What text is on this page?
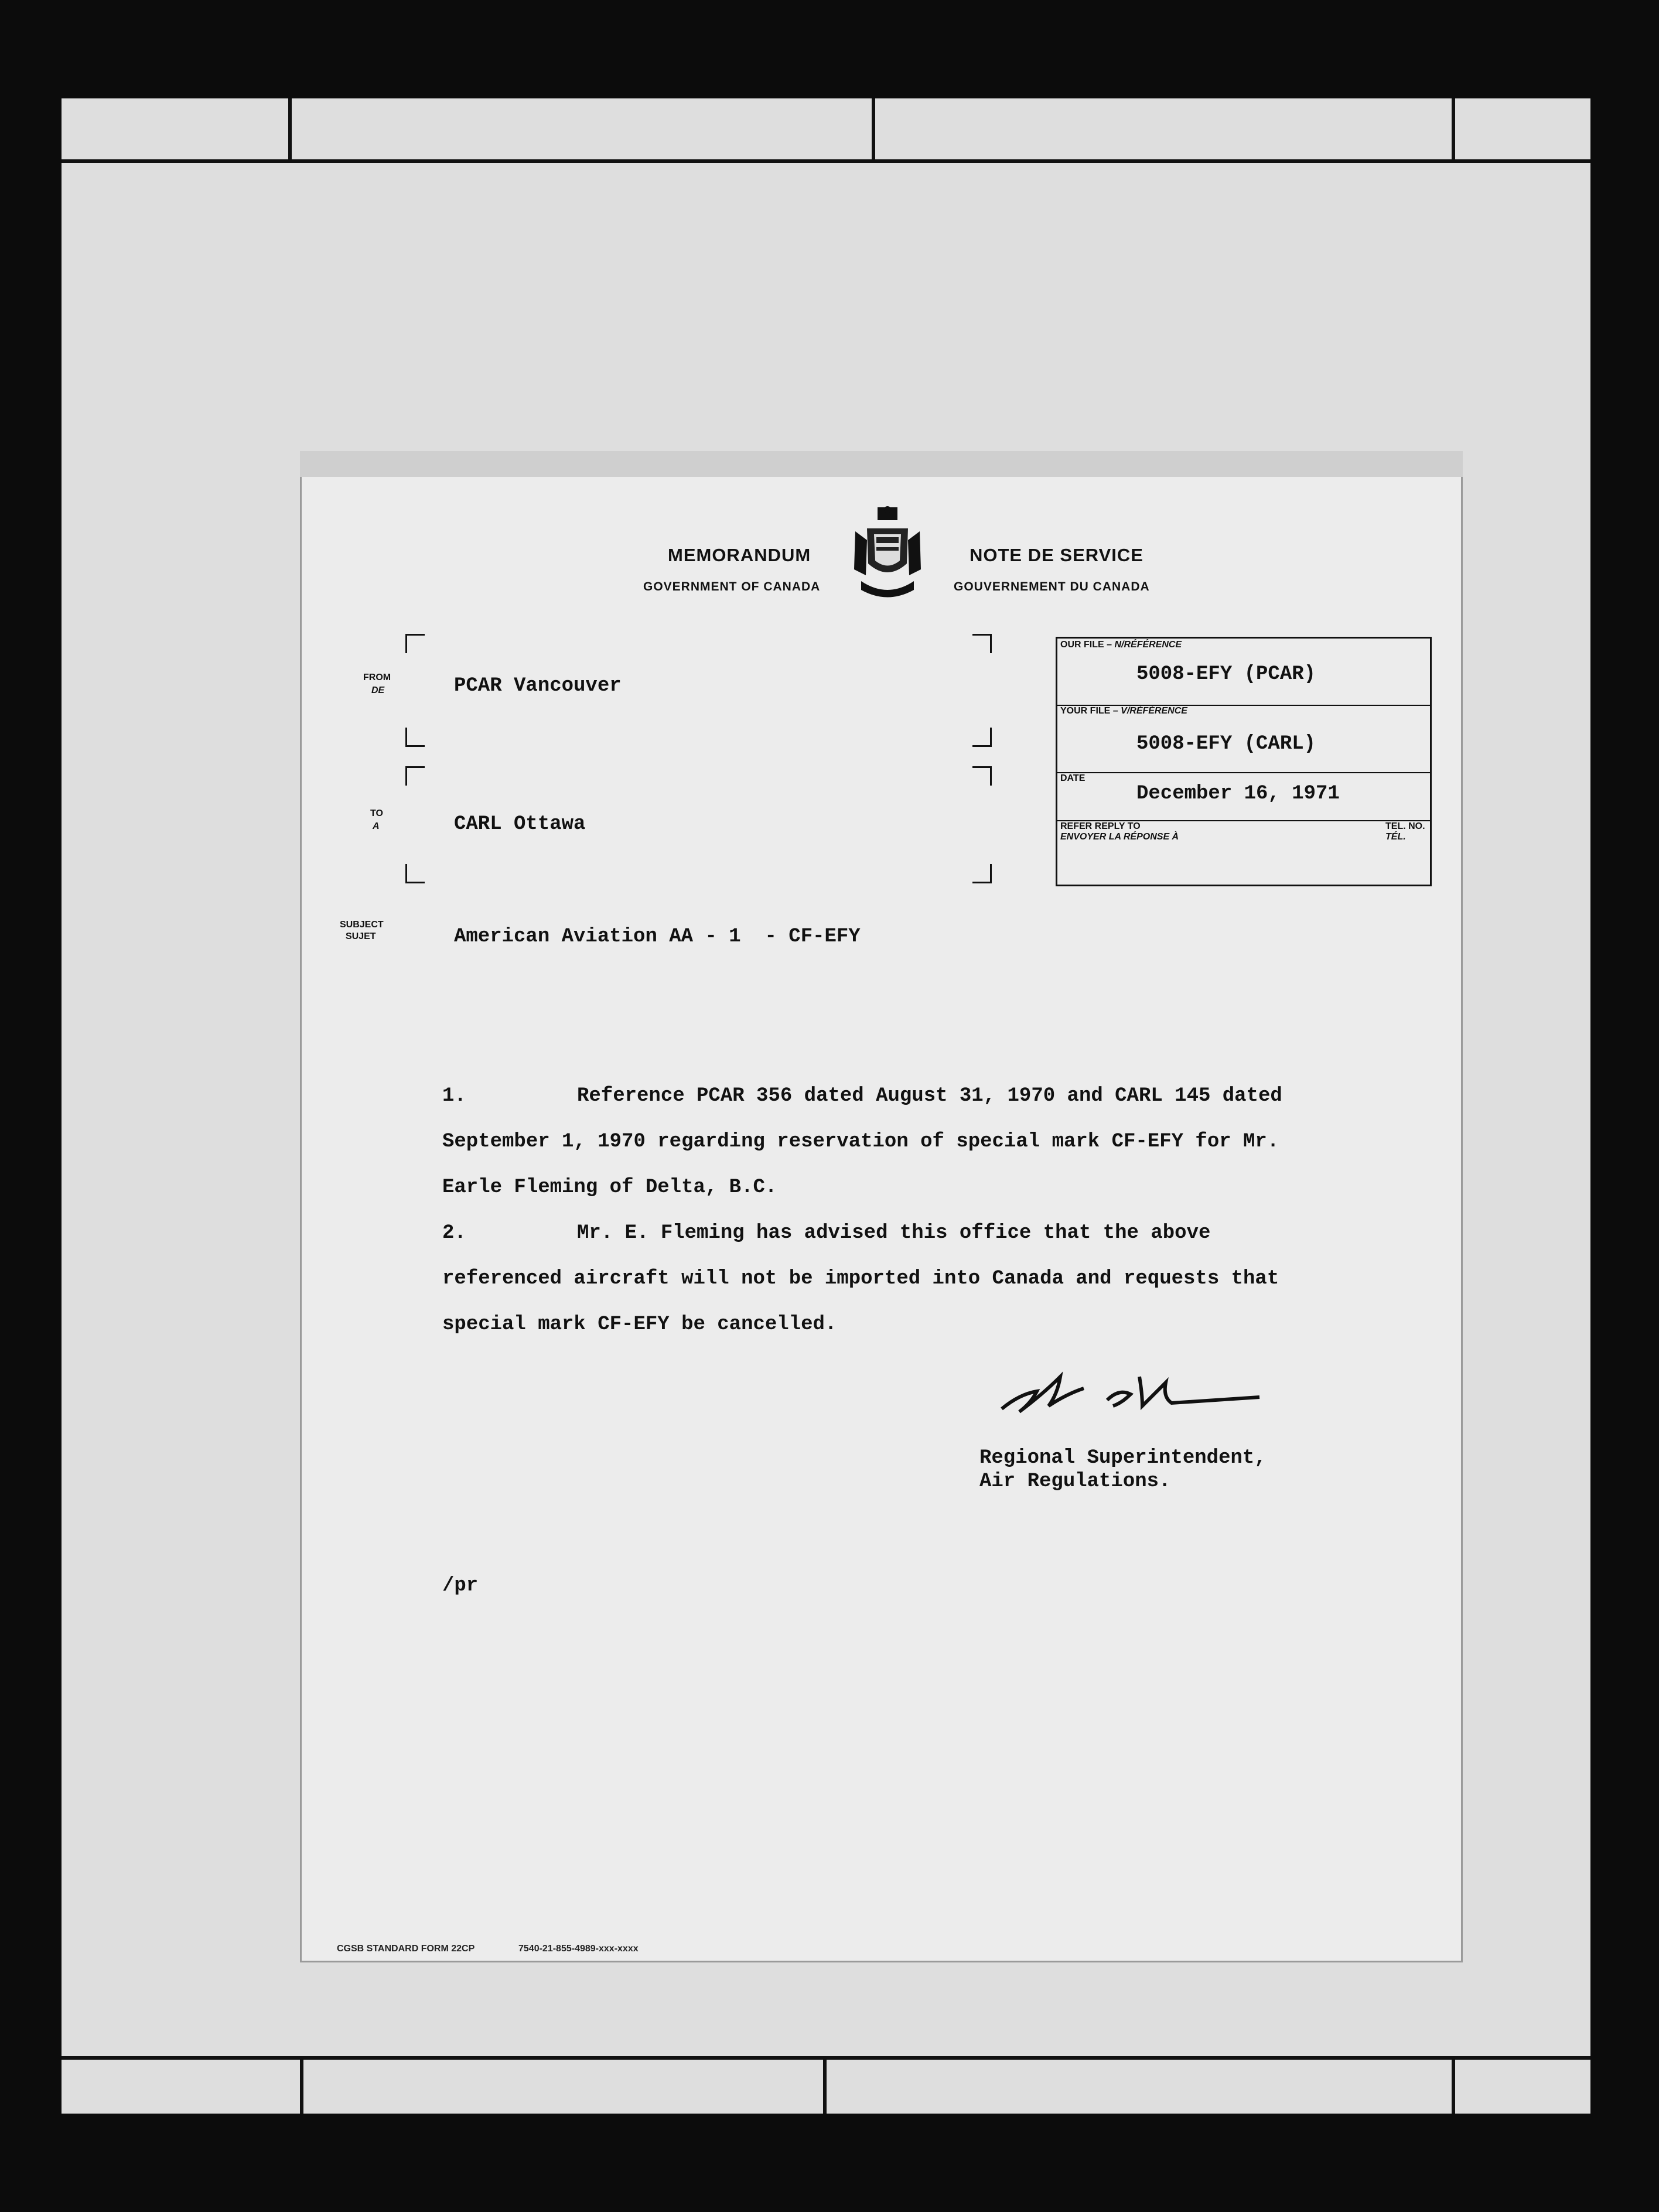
MEMORANDUM
GOVERNMENT OF CANADA
NOTE DE SERVICE
GOUVERNEMENT DU CANADA
FROM
DE	PCAR Vancouver
TO
A	CARL Ottawa
SUBJECT
SUJET	American Aviation AA - 1  - CF-EFY
OUR FILE – N/RÉFÉRENCE
5008-EFY (PCAR)
YOUR FILE – V/RÉFÉRENCE
5008-EFY (CARL)
DATE
December 16, 1971
REFER REPLY TO
ENVOYER LA RÉPONSE À
TEL. NO.
TÉL.
1.	Reference PCAR 356 dated August 31, 1970 and CARL 145 dated
September 1, 1970 regarding reservation of special mark CF-EFY for Mr.
Earle Fleming of Delta, B.C.
2.	Mr. E. Fleming has advised this office that the above
referenced aircraft will not be imported into Canada and requests that
special mark CF-EFY be cancelled.
Regional Superintendent,
Air Regulations.
/pr
CGSB STANDARD FORM 22CP	7540-21-855-4989-xxx-xxxx
